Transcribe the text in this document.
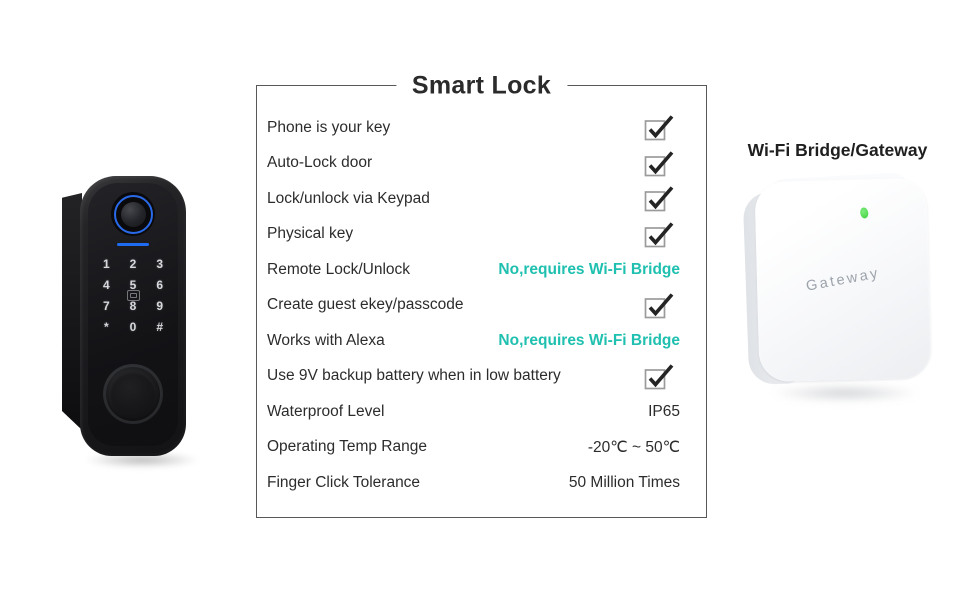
1 2 3
4 5 6
7 8 9
* 0 #
Smart Lock
Phone is your key
Auto-Lock door
Lock/unlock via Keypad
Physical key
Remote Lock/Unlock	No,requires Wi-Fi Bridge
Create guest ekey/passcode
Works with Alexa	No,requires Wi-Fi Bridge
Use 9V backup battery when in low battery
Waterproof Level	IP65
Operating Temp Range	-20℃ ~ 50℃
Finger Click Tolerance	50 Million Times
Wi-Fi Bridge/Gateway
Gateway
